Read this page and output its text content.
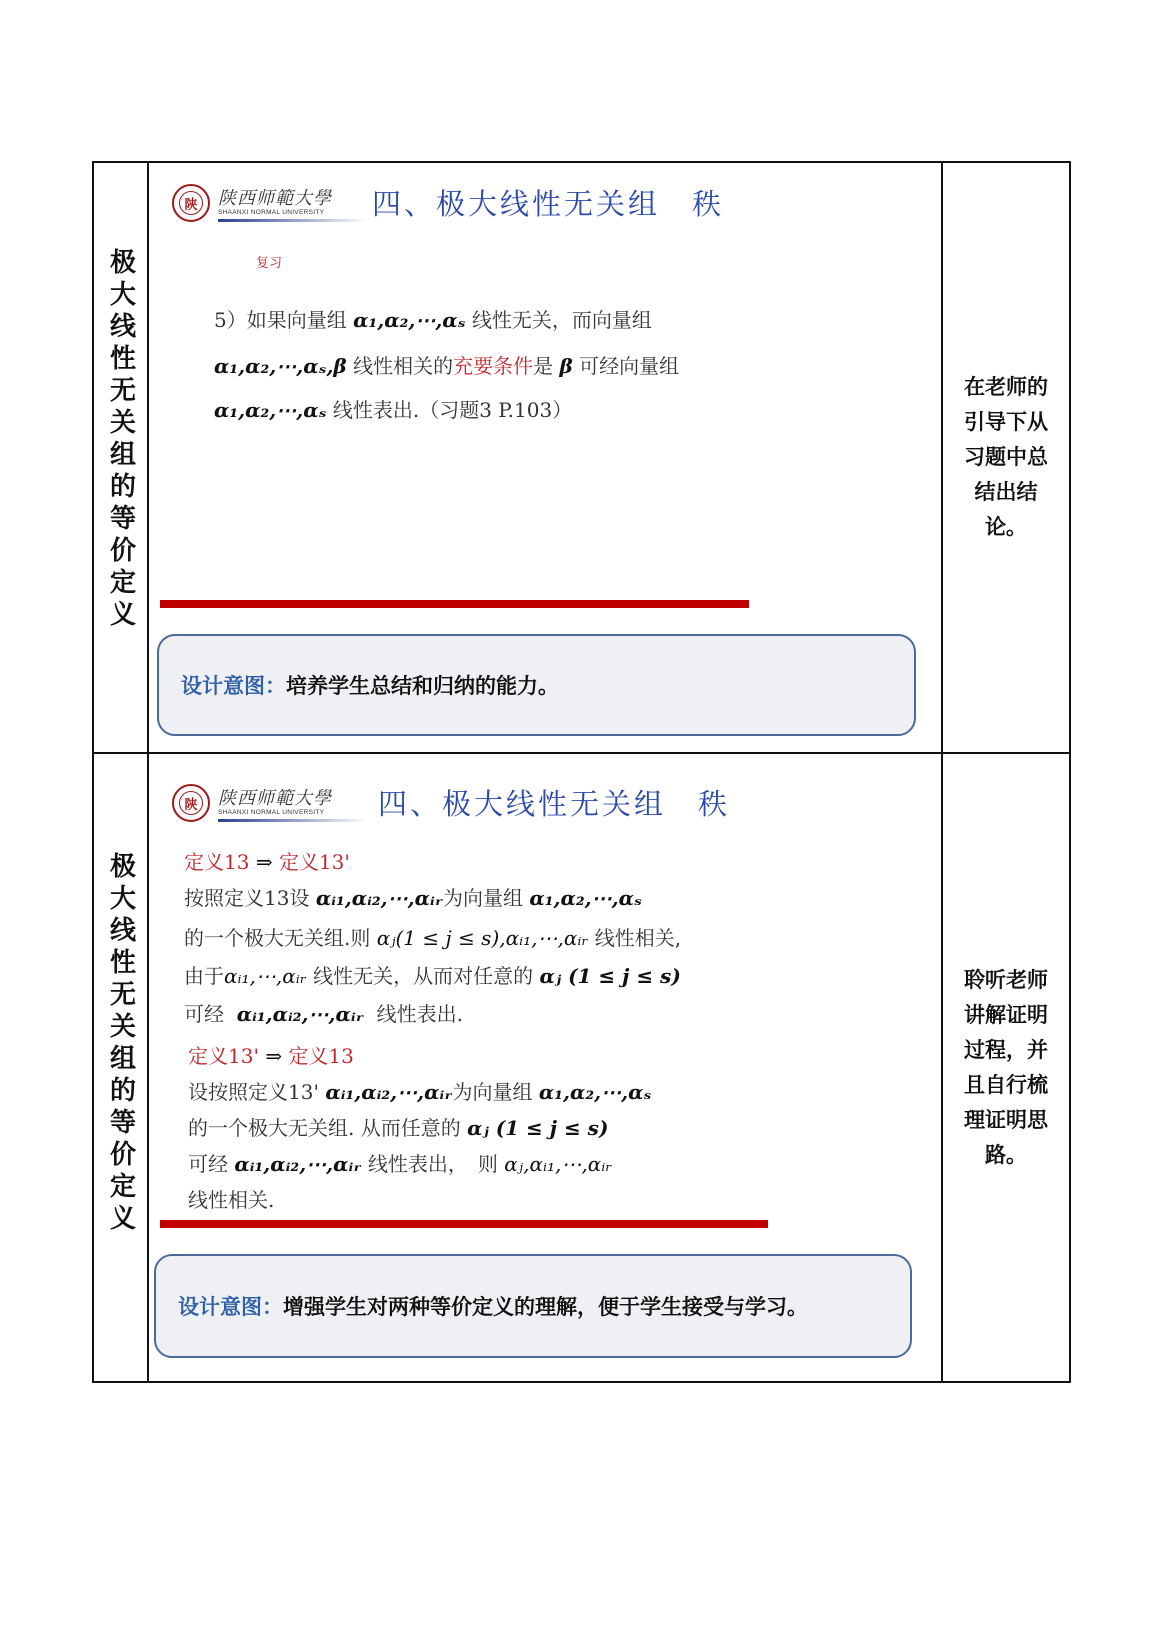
极大线性无关组的等价定义
陕	陕西师範大學
SHAANXI NORMAL UNIVERSITY 四、极大线性无关组　秩
复习
5）如果向量组 α₁,α₂,⋯,αₛ 线性无关，而向量组
α₁,α₂,⋯,αₛ,β 线性相关的充要条件是 β 可经向量组
α₁,α₂,⋯,αₛ 线性表出.（习题3 P.103）
设计意图： 培养学生总结和归纳的能力。
在老师的引导下从习题中总结出结论。
极大线性无关组的等价定义
陕	陕西师範大學
SHAANXI NORMAL UNIVERSITY 四、极大线性无关组　秩
定义13 ⇒ 定义13'
按照定义13设 αᵢ₁,αᵢ₂,⋯,αᵢᵣ为向量组 α₁,α₂,⋯,αₛ
的一个极大无关组.则 αⱼ(1 ≤ j ≤ s),αᵢ₁,⋯,αᵢᵣ 线性相关,
由于αᵢ₁,⋯,αᵢᵣ 线性无关，从而对任意的 αⱼ (1 ≤ j ≤ s)
可经 αᵢ₁,αᵢ₂,⋯,αᵢᵣ 线性表出.
定义13' ⇒ 定义13
设按照定义13' αᵢ₁,αᵢ₂,⋯,αᵢᵣ为向量组 α₁,α₂,⋯,αₛ
的一个极大无关组. 从而任意的 αⱼ (1 ≤ j ≤ s)
可经 αᵢ₁,αᵢ₂,⋯,αᵢᵣ 线性表出，　则 αⱼ,αᵢ₁,⋯,αᵢᵣ
线性相关.
设计意图： 增强学生对两种等价定义的理解，便于学生接受与学习。
聆听老师讲解证明过程，并且自行梳理证明思路。
